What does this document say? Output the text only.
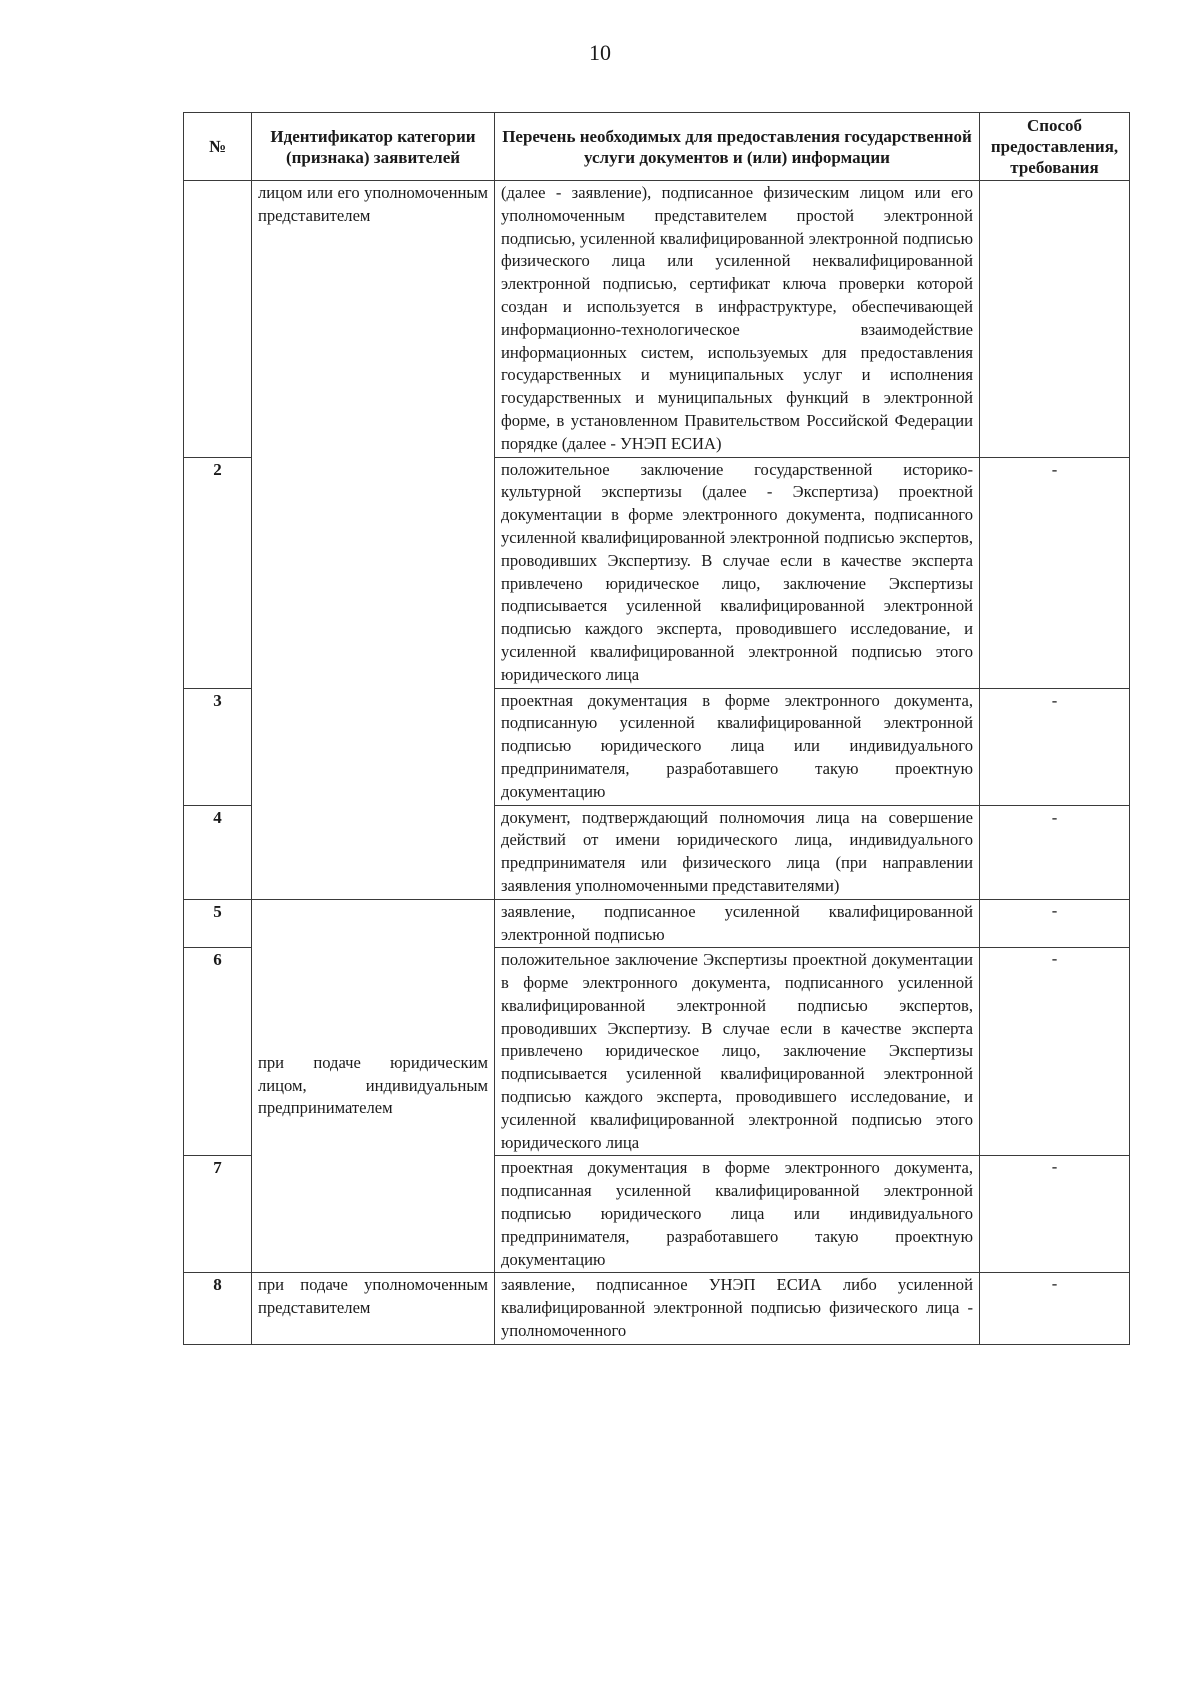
10
№	Идентификатор категории (признака) заявителей	Перечень необходимых для предоставления государственной услуги документов и (или) информации	Способ предоставления, требования
	лицом или его уполномоченным представителем	(далее - заявление), подписанное физическим лицом или его уполномоченным представителем простой электронной подписью, усиленной квалифицированной электронной подписью физического лица или усиленной неквалифицированной электронной подписью, сертификат ключа проверки которой создан и используется в инфраструктуре, обеспечивающей информационно-технологическое взаимодействие информационных систем, используемых для предоставления государственных и муниципальных услуг и исполнения государственных и муниципальных функций в электронной форме, в установленном Правительством Российской Федерации порядке (далее - УНЭП ЕСИА)	
2		положительное заключение государственной историко-культурной экспертизы (далее - Экспертиза) проектной документации в форме электронного документа, подписанного усиленной квалифицированной электронной подписью экспертов, проводивших Экспертизу. В случае если в качестве эксперта привлечено юридическое лицо, заключение Экспертизы подписывается усиленной квалифицированной электронной подписью каждого эксперта, проводившего исследование, и усиленной квалифицированной электронной подписью этого юридического лица	-
3		проектная документация в форме электронного документа, подписанную усиленной квалифицированной электронной подписью юридического лица или индивидуального предпринимателя, разработавшего такую проектную документацию	-
4		документ, подтверждающий полномочия лица на совершение действий от имени юридического лица, индивидуального предпринимателя или физического лица (при направлении заявления уполномоченными представителями)	-
5	при подаче юридическим лицом, индивидуальным предпринимателем	заявление, подписанное усиленной квалифицированной электронной подписью	-
6		положительное заключение Экспертизы проектной документации в форме электронного документа, подписанного усиленной квалифицированной электронной подписью экспертов, проводивших Экспертизу. В случае если в качестве эксперта привлечено юридическое лицо, заключение Экспертизы подписывается усиленной квалифицированной электронной подписью каждого эксперта, проводившего исследование, и усиленной квалифицированной электронной подписью этого юридического лица	-
7		проектная документация в форме электронного документа, подписанная усиленной квалифицированной электронной подписью юридического лица или индивидуального предпринимателя, разработавшего такую проектную документацию	-
8	при подаче уполномоченным представителем	заявление, подписанное УНЭП ЕСИА либо усиленной квалифицированной электронной подписью физического лица - уполномоченного	-
